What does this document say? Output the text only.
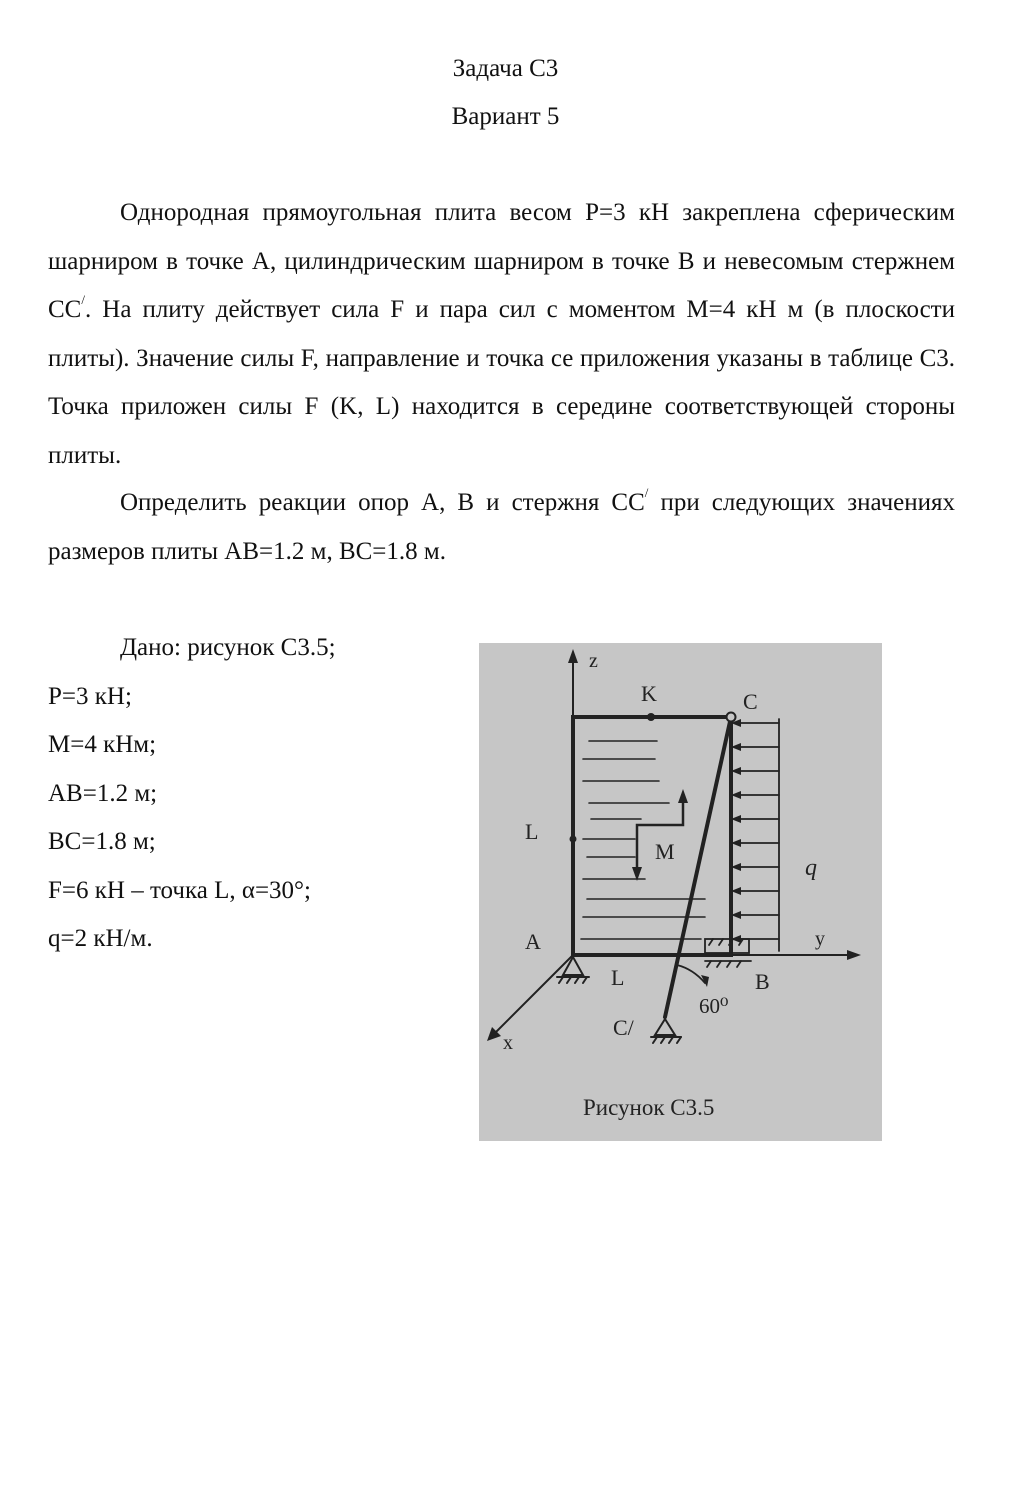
Задача С3
Вариант 5
Однородная прямоугольная плита весом P=3 кН закреплена сферическим шарниром в точке A, цилиндрическим шарниром в точке B и невесомым стержнем CC/. На плиту действует сила F и пара сил с моментом M=4 кН м (в плоскости плиты). Значение силы F, направление и точка се приложения указаны в таблице С3. Точка приложен силы F (K, L) находится в середине соответствующей стороны плиты.
Определить реакции опор A, B и стержня CC/ при следующих значениях размеров плиты AB=1.2 м, BC=1.8 м.
Дано: рисунок С3.5;
P=3 кН;
M=4 кНм;
AB=1.2 м;
BC=1.8 м;
F=6 кН – точка L, α=30°;
q=2 кН/м.
z
y
x
K	C
L
M
q
A
L	B
60⁰
C/
Рисунок С3.5
